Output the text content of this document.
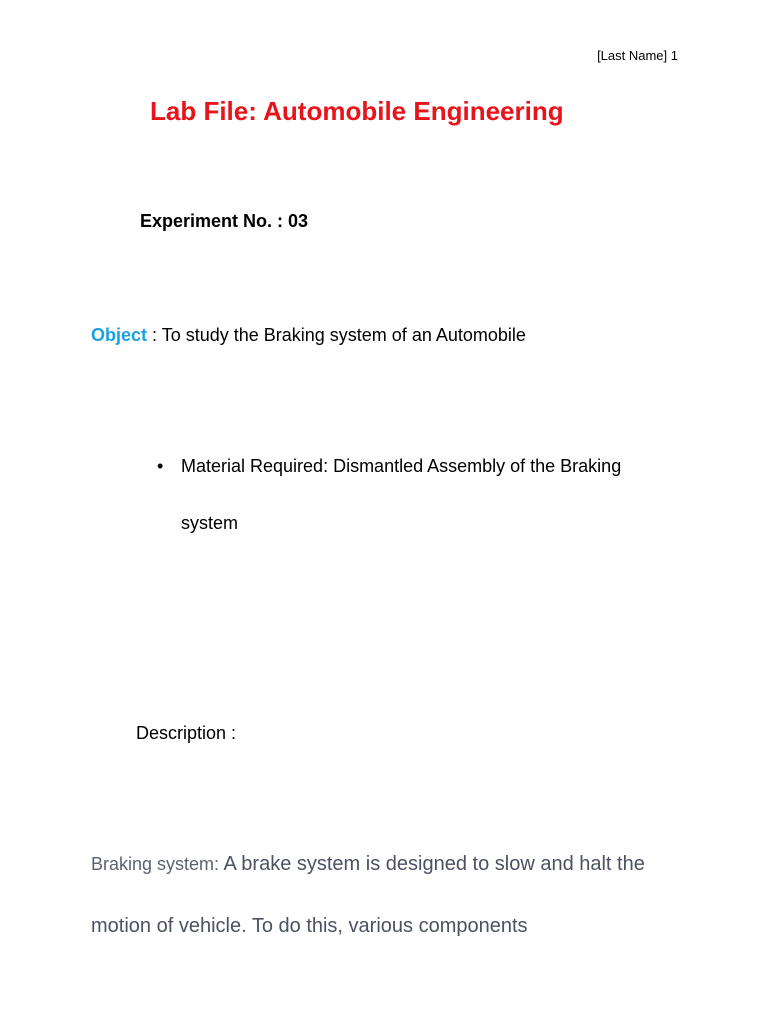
[Last Name] 1
Lab File: Automobile Engineering
Experiment No. : 03
Object : To study the Braking system of an Automobile
• Material Required: Dismantled Assembly of the Braking system
Description :

Braking system: A brake system is designed to slow and halt the motion of vehicle. To do this, various components
